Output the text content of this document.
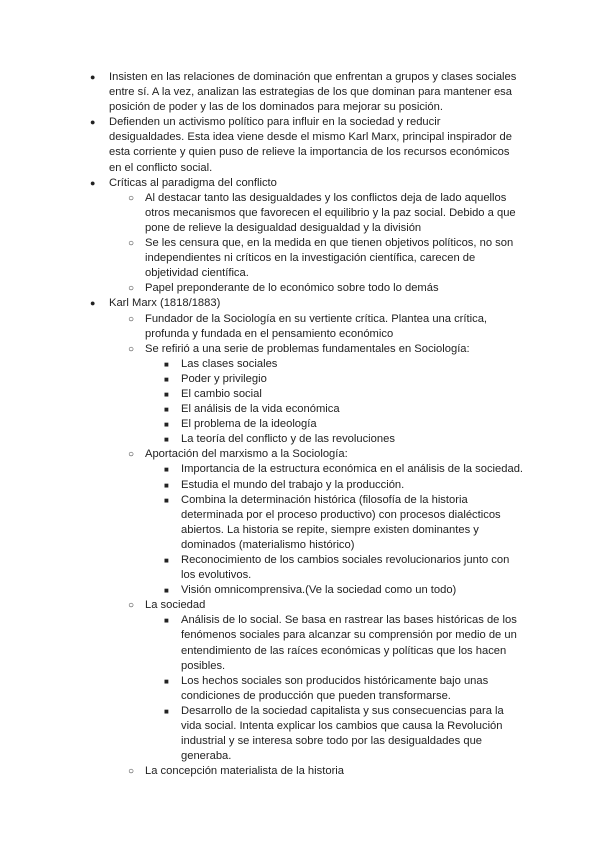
● Insisten en las relaciones de dominación que enfrentan a grupos y clases sociales entre sí. A la vez, analizan las estrategias de los que dominan para mantener esa posición de poder y las de los dominados para mejorar su posición.

● Defienden un activismo político para influir en la sociedad y reducir desigualdades. Esta idea viene desde el mismo Karl Marx, principal inspirador de esta corriente y quien puso de relieve la importancia de los recursos económicos en el conflicto social.

● Críticas al paradigma del conflicto

○ Al destacar tanto las desigualdades y los conflictos deja de lado aquellos otros mecanismos que favorecen el equilibrio y la paz social. Debido a que pone de relieve la desigualdad desigualdad y la división

○ Se les censura que, en la medida en que tienen objetivos políticos, no son independientes ni críticos en la investigación científica, carecen de objetividad científica.

○ Papel preponderante de lo económico sobre todo lo demás

● Karl Marx (1818/1883)

○ Fundador de la Sociología en su vertiente crítica. Plantea una crítica, profunda y fundada en el pensamiento económico

○ Se refirió a una serie de problemas fundamentales en Sociología:

■ Las clases sociales

■ Poder y privilegio

■ El cambio social

■ El análisis de la vida económica

■ El problema de la ideología

■ La teoría del conflicto y de las revoluciones

○ Aportación del marxismo a la Sociología:

■ Importancia de la estructura económica en el análisis de la sociedad.

■ Estudia el mundo del trabajo y la producción.

■ Combina la determinación histórica (filosofía de la historia determinada por el proceso productivo) con procesos dialécticos abiertos. La historia se repite, siempre existen dominantes y dominados (materialismo histórico)

■ Reconocimiento de los cambios sociales revolucionarios junto con los evolutivos.

■ Visión omnicomprensiva.(Ve la sociedad como un todo)

○ La sociedad

■ Análisis de lo social. Se basa en rastrear las bases históricas de los fenómenos sociales para alcanzar su comprensión por medio de un entendimiento de las raíces económicas y políticas que los hacen posibles.

■ Los hechos sociales son producidos históricamente bajo unas condiciones de producción que pueden transformarse.

■ Desarrollo de la sociedad capitalista y sus consecuencias para la vida social. Intenta explicar los cambios que causa la Revolución industrial y se interesa sobre todo por las desigualdades que generaba.

○ La concepción materialista de la historia
